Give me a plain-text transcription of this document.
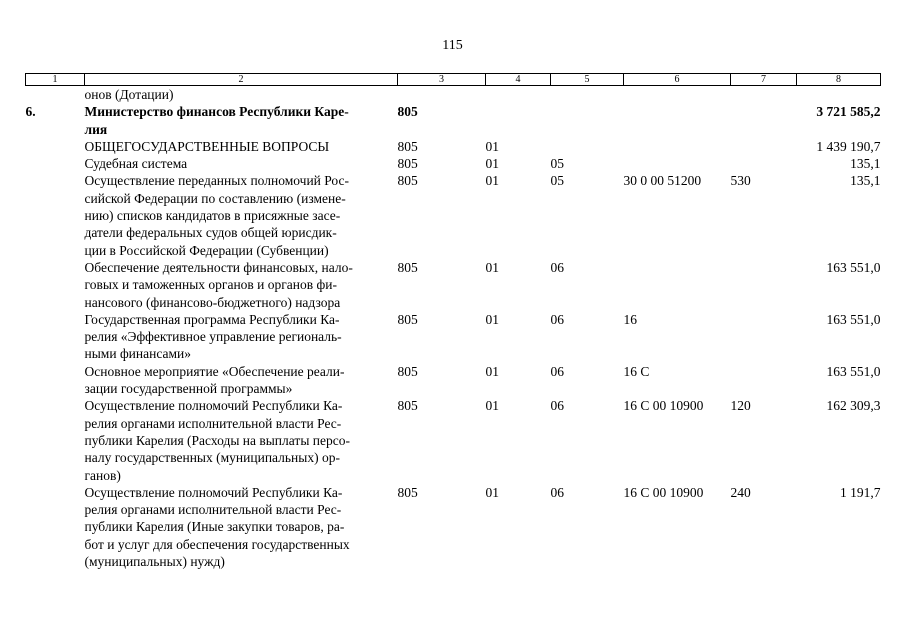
115
1	2	3	4	5	6	7	8
	онов (Дотации)						
6.	Министерство финансов Республики Каре-
лия	805					3 721 585,2
	ОБЩЕГОСУДАРСТВЕННЫЕ ВОПРОСЫ	805	01				1 439 190,7
	Судебная система	805	01	05			135,1
	Осуществление переданных полномочий Рос-
сийской Федерации по составлению (измене-
нию) списков кандидатов в присяжные засе-
датели федеральных судов общей юрисдик-
ции в Российской Федерации (Субвенции)	805	01	05	30 0 00 51200	530	135,1
	Обеспечение деятельности финансовых, нало-
говых и таможенных органов и органов фи-
нансового (финансово-бюджетного) надзора	805	01	06			163 551,0
	Государственная программа Республики Ка-
релия «Эффективное управление региональ-
ными финансами»	805	01	06	16		163 551,0
	Основное мероприятие «Обеспечение реали-
зации государственной программы»	805	01	06	16 С		163 551,0
	Осуществление полномочий Республики Ка-
релия органами исполнительной власти Рес-
публики Карелия (Расходы на выплаты персо-
налу государственных (муниципальных) ор-
ганов)	805	01	06	16 С 00 10900	120	162 309,3
	Осуществление полномочий Республики Ка-
релия органами исполнительной власти Рес-
публики Карелия (Иные закупки товаров, ра-
бот и услуг для обеспечения государственных
(муниципальных) нужд)	805	01	06	16 С 00 10900	240	1 191,7
